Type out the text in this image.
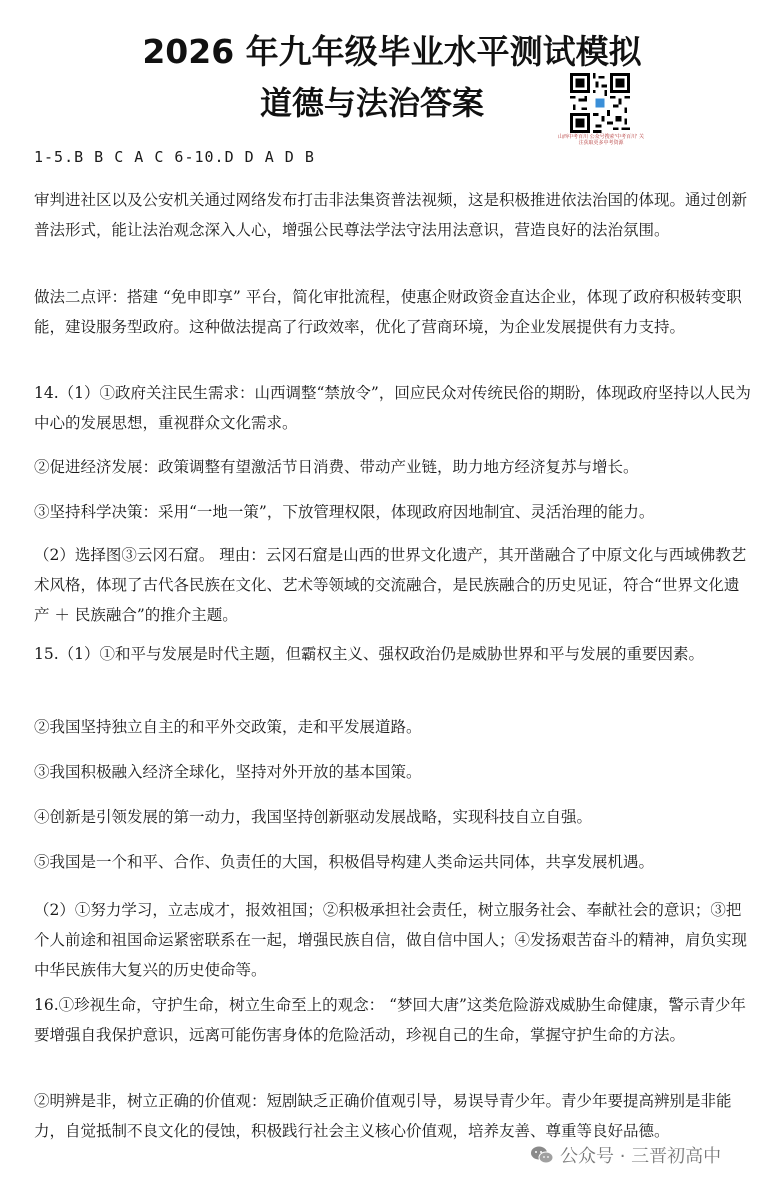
2026 年九年级毕业水平测试模拟
道德与法治答案
山西中考百川 公众号搜索'中考百川' 关注获取更多中考资源
1-5.B B C A C 6-10.D D A D B

审判进社区以及公安机关通过网络发布打击非法集资普法视频，这是积极推进依法治国的体现。通过创新普法形式，能让法治观念深入人心，增强公民尊法学法守法用法意识，营造良好的法治氛围。

做法二点评：搭建 “免申即享” 平台，简化审批流程，使惠企财政资金直达企业，体现了政府积极转变职能，建设服务型政府。这种做法提高了行政效率，优化了营商环境，为企业发展提供有力支持。

14.（1）①政府关注民生需求：山西调整“禁放令”，回应民众对传统民俗的期盼，体现政府坚持以人民为中心的发展思想，重视群众文化需求。

②促进经济发展：政策调整有望激活节日消费、带动产业链，助力地方经济复苏与增长。

③坚持科学决策：采用“一地一策”，下放管理权限，体现政府因地制宜、灵活治理的能力。

（2）选择图③云冈石窟。 理由：云冈石窟是山西的世界文化遗产，其开凿融合了中原文化与西域佛教艺术风格，体现了古代各民族在文化、艺术等领域的交流融合，是民族融合的历史见证，符合“世界文化遗产 ＋ 民族融合”的推介主题。

15.（1）①和平与发展是时代主题，但霸权主义、强权政治仍是威胁世界和平与发展的重要因素。

②我国坚持独立自主的和平外交政策，走和平发展道路。

③我国积极融入经济全球化，坚持对外开放的基本国策。

④创新是引领发展的第一动力，我国坚持创新驱动发展战略，实现科技自立自强。

⑤我国是一个和平、合作、负责任的大国，积极倡导构建人类命运共同体，共享发展机遇。

（2）①努力学习，立志成才，报效祖国；②积极承担社会责任，树立服务社会、奉献社会的意识；③把个人前途和祖国命运紧密联系在一起，增强民族自信，做自信中国人；④发扬艰苦奋斗的精神，肩负实现中华民族伟大复兴的历史使命等。

16.①珍视生命，守护生命，树立生命至上的观念： “梦回大唐”这类危险游戏威胁生命健康，警示青少年要增强自我保护意识，远离可能伤害身体的危险活动，珍视自己的生命，掌握守护生命的方法。

②明辨是非，树立正确的价值观：短剧缺乏正确价值观引导，易误导青少年。青少年要提高辨别是非能力，自觉抵制不良文化的侵蚀，积极践行社会主义核心价值观，培养友善、尊重等良好品德。

公众号 · 三晋初高中
